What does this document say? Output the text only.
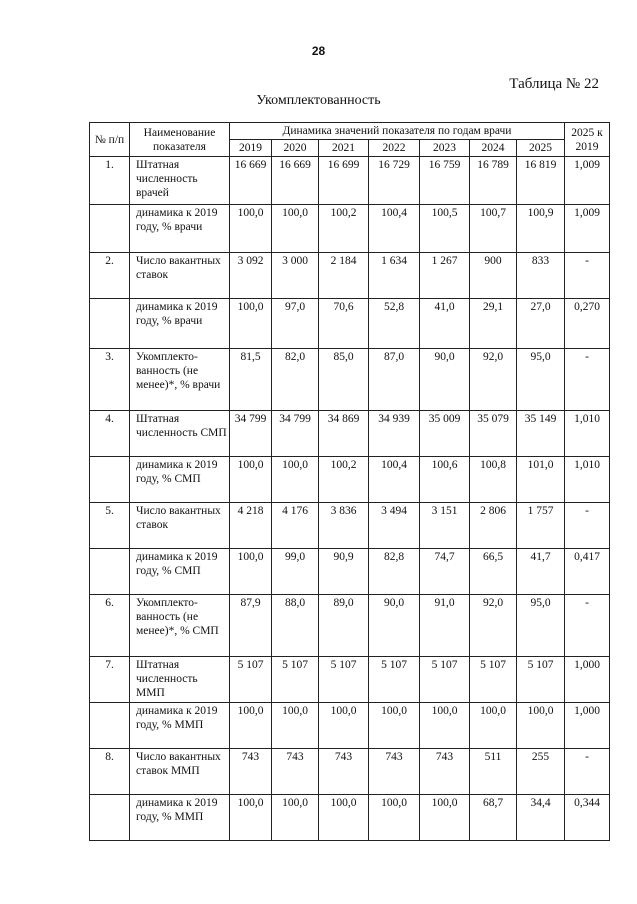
28
Таблица № 22
Укомплектованность
№ п/п	Наименование показателя	Динамика значений показателя по годам врачи							2025 к 2019
		2019	2020	2021	2022	2023	2024	2025	
1.	Штатная численность врачей	16 669	16 669	16 699	16 729	16 759	16 789	16 819	1,009
	динамика к 2019 году, % врачи	100,0	100,0	100,2	100,4	100,5	100,7	100,9	1,009
2.	Число вакантных ставок	3 092	3 000	2 184	1 634	1 267	900	833	-
	динамика к 2019 году, % врачи	100,0	97,0	70,6	52,8	41,0	29,1	27,0	0,270
3.	Укомплекто-ванность (не менее)*, % врачи	81,5	82,0	85,0	87,0	90,0	92,0	95,0	-
4.	Штатная численность СМП	34 799	34 799	34 869	34 939	35 009	35 079	35 149	1,010
	динамика к 2019 году, % СМП	100,0	100,0	100,2	100,4	100,6	100,8	101,0	1,010
5.	Число вакантных ставок	4 218	4 176	3 836	3 494	3 151	2 806	1 757	-
	динамика к 2019 году, % СМП	100,0	99,0	90,9	82,8	74,7	66,5	41,7	0,417
6.	Укомплекто-ванность (не менее)*, % СМП	87,9	88,0	89,0	90,0	91,0	92,0	95,0	-
7.	Штатная численность ММП	5 107	5 107	5 107	5 107	5 107	5 107	5 107	1,000
	динамика к 2019 году, % ММП	100,0	100,0	100,0	100,0	100,0	100,0	100,0	1,000
8.	Число вакантных ставок ММП	743	743	743	743	743	511	255	-
	динамика к 2019 году, % ММП	100,0	100,0	100,0	100,0	100,0	68,7	34,4	0,344
